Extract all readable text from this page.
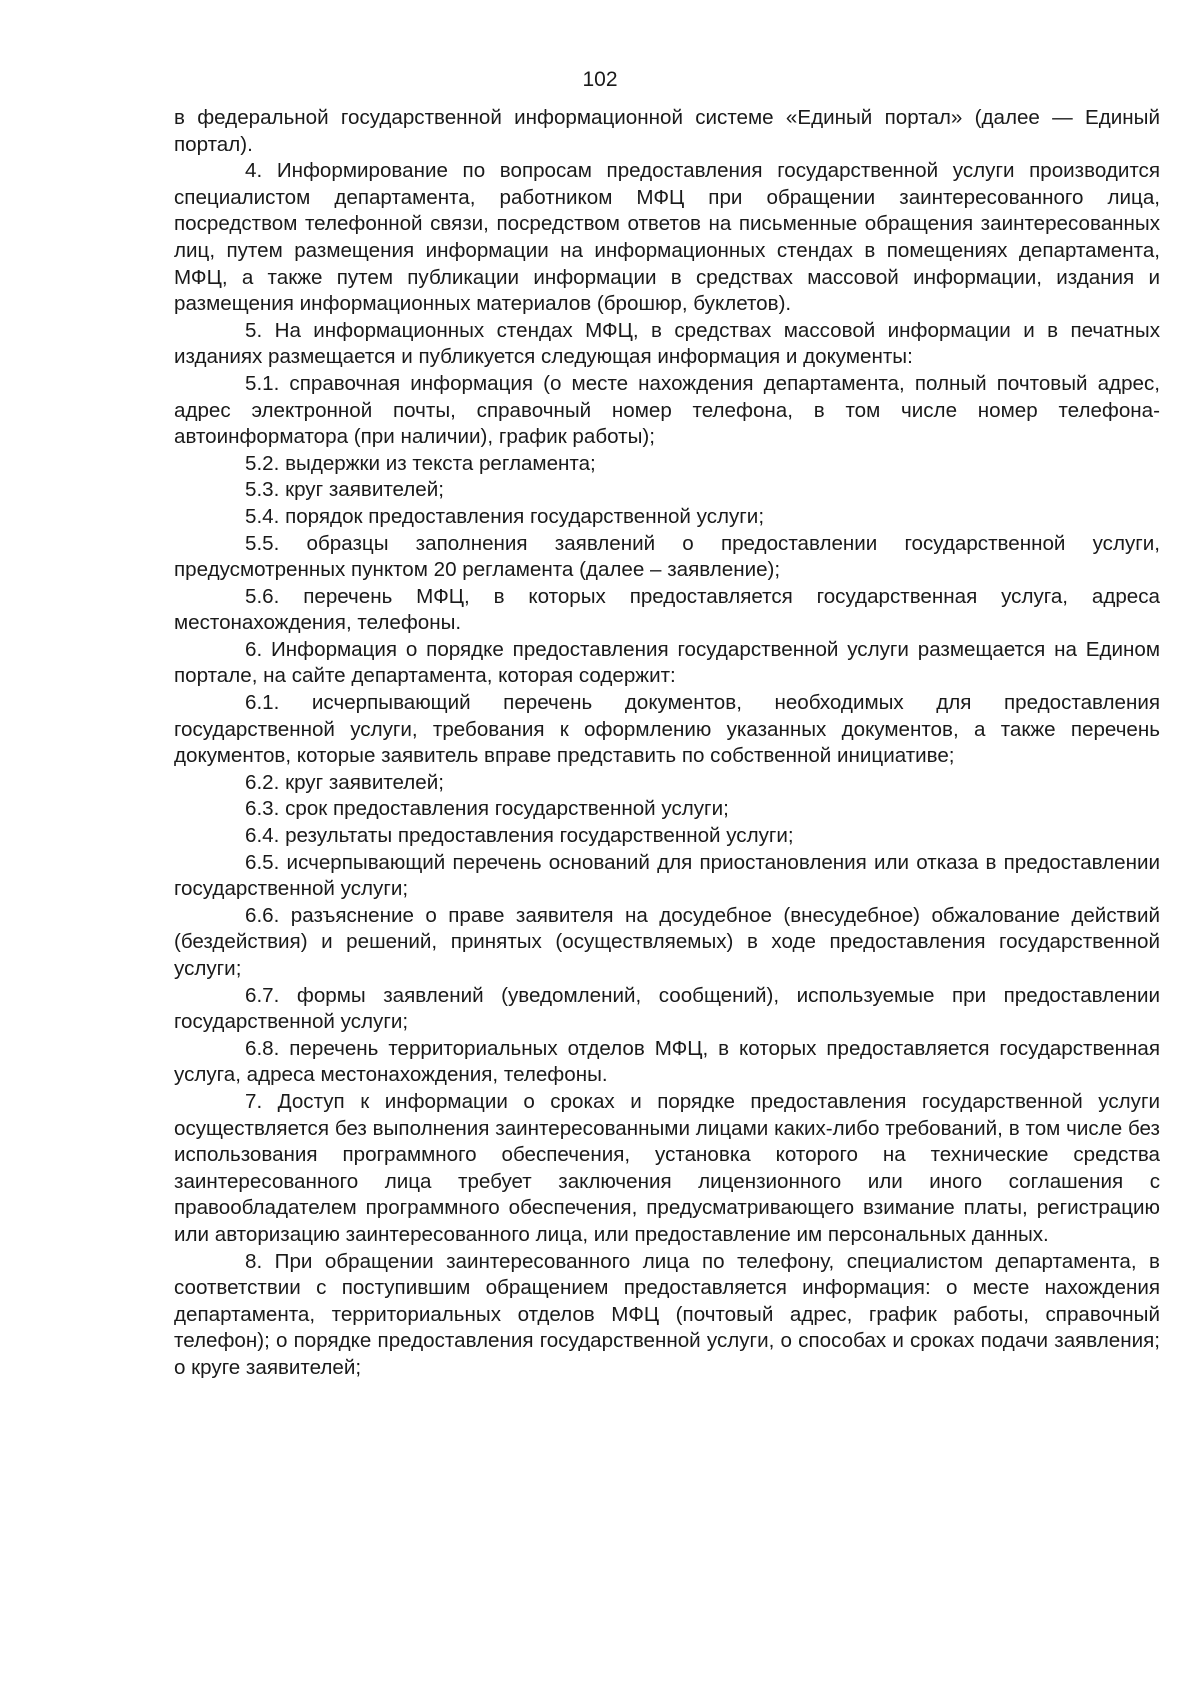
102

в федеральной государственной информационной системе «Единый портал» (далее — Единый портал).

4. Информирование по вопросам предоставления государственной услуги производится специалистом департамента, работником МФЦ при обращении заинтересованного лица, посредством телефонной связи, посредством ответов на письменные обращения заинтересованных лиц, путем размещения информации на информационных стендах в помещениях департамента, МФЦ, а также путем публикации информации в средствах массовой информации, издания и размещения информационных материалов (брошюр, буклетов).

5. На информационных стендах МФЦ, в средствах массовой информации и в печатных изданиях размещается и публикуется следующая информация и документы:

5.1. справочная информация (о месте нахождения департамента, полный почтовый адрес, адрес электронной почты, справочный номер телефона, в том числе номер телефона-автоинформатора (при наличии), график работы);

5.2. выдержки из текста регламента;

5.3. круг заявителей;

5.4. порядок предоставления государственной услуги;

5.5. образцы заполнения заявлений о предоставлении государственной услуги, предусмотренных пунктом 20 регламента (далее – заявление);

5.6. перечень МФЦ, в которых предоставляется государственная услуга, адреса местонахождения, телефоны.

6. Информация о порядке предоставления государственной услуги размещается на Едином портале, на сайте департамента, которая содержит:

6.1. исчерпывающий перечень документов, необходимых для предоставления государственной услуги, требования к оформлению указанных документов, а также перечень документов, которые заявитель вправе представить по собственной инициативе;

6.2. круг заявителей;

6.3. срок предоставления государственной услуги;

6.4. результаты предоставления государственной услуги;

6.5. исчерпывающий перечень оснований для приостановления или отказа в предоставлении государственной услуги;

6.6. разъяснение о праве заявителя на досудебное (внесудебное) обжалование действий (бездействия) и решений, принятых (осуществляемых) в ходе предоставления государственной услуги;

6.7. формы заявлений (уведомлений, сообщений), используемые при предоставлении государственной услуги;

6.8. перечень территориальных отделов МФЦ, в которых предоставляется государственная услуга, адреса местонахождения, телефоны.

7. Доступ к информации о сроках и порядке предоставления государственной услуги осуществляется без выполнения заинтересованными лицами каких-либо требований, в том числе без использования программного обеспечения, установка которого на технические средства заинтересованного лица требует заключения лицензионного или иного соглашения с правообладателем программного обеспечения, предусматривающего взимание платы, регистрацию или авторизацию заинтересованного лица, или предоставление им персональных данных.

8. При обращении заинтересованного лица по телефону, специалистом департамента, в соответствии с поступившим обращением предоставляется информация: о месте нахождения департамента, территориальных отделов МФЦ (почтовый адрес, график работы, справочный телефон); о порядке предоставления государственной услуги, о способах и сроках подачи заявления; о круге заявителей;
